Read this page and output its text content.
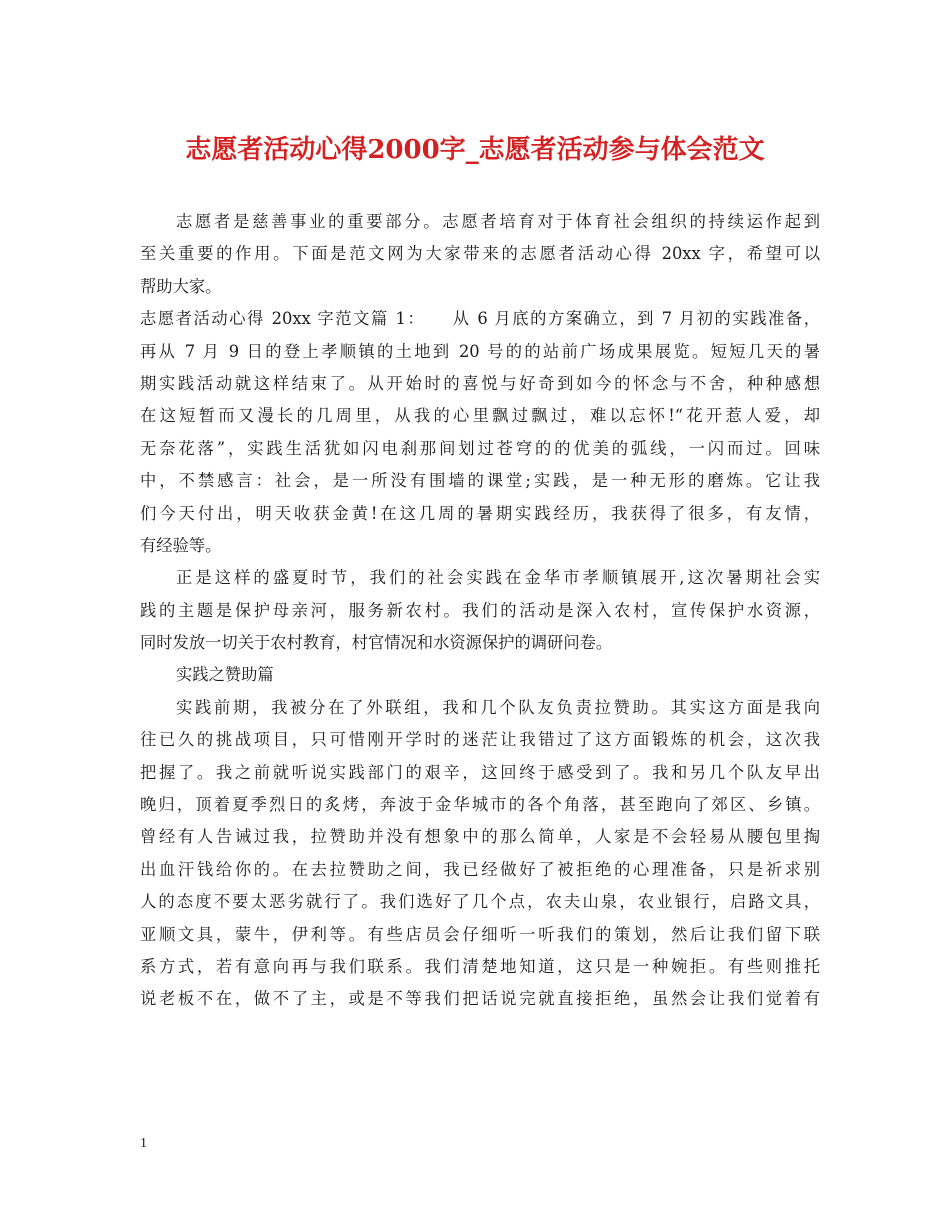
志愿者活动心得2000字_志愿者活动参与体会范文
志愿者是慈善事业的重要部分。志愿者培育对于体育社会组织的持续运作起到
至关重要的作用。下面是范文网为大家带来的志愿者活动心得 20xx 字，希望可以
帮助大家。
志愿者活动心得 20xx 字范文篇 1：　　从 6 月底的方案确立，到 7 月初的实践准备，
再从 7 月 9 日的登上孝顺镇的土地到 20 号的的站前广场成果展览。短短几天的暑
期实践活动就这样结束了。从开始时的喜悦与好奇到如今的怀念与不舍，种种感想
在这短暂而又漫长的几周里，从我的心里飘过飘过，难以忘怀!“花开惹人爱，却
无奈花落”，实践生活犹如闪电刹那间划过苍穹的的优美的弧线，一闪而过。回味
中，不禁感言：社会，是一所没有围墙的课堂;实践，是一种无形的磨炼。它让我
们今天付出，明天收获金黄!在这几周的暑期实践经历，我获得了很多，有友情，
有经验等。
正是这样的盛夏时节，我们的社会实践在金华市孝顺镇展开,这次暑期社会实
践的主题是保护母亲河，服务新农村。我们的活动是深入农村，宣传保护水资源，
同时发放一切关于农村教育，村官情况和水资源保护的调研问卷。
实践之赞助篇
实践前期，我被分在了外联组，我和几个队友负责拉赞助。其实这方面是我向
往已久的挑战项目，只可惜刚开学时的迷茫让我错过了这方面锻炼的机会，这次我
把握了。我之前就听说实践部门的艰辛，这回终于感受到了。我和另几个队友早出
晚归，顶着夏季烈日的炙烤，奔波于金华城市的各个角落，甚至跑向了郊区、乡镇。
曾经有人告诫过我，拉赞助并没有想象中的那么简单，人家是不会轻易从腰包里掏
出血汗钱给你的。在去拉赞助之间，我已经做好了被拒绝的心理准备，只是祈求别
人的态度不要太恶劣就行了。我们选好了几个点，农夫山泉，农业银行，启路文具，
亚顺文具，蒙牛，伊利等。有些店员会仔细听一听我们的策划，然后让我们留下联
系方式，若有意向再与我们联系。我们清楚地知道，这只是一种婉拒。有些则推托
说老板不在，做不了主，或是不等我们把话说完就直接拒绝，虽然会让我们觉着有
1
